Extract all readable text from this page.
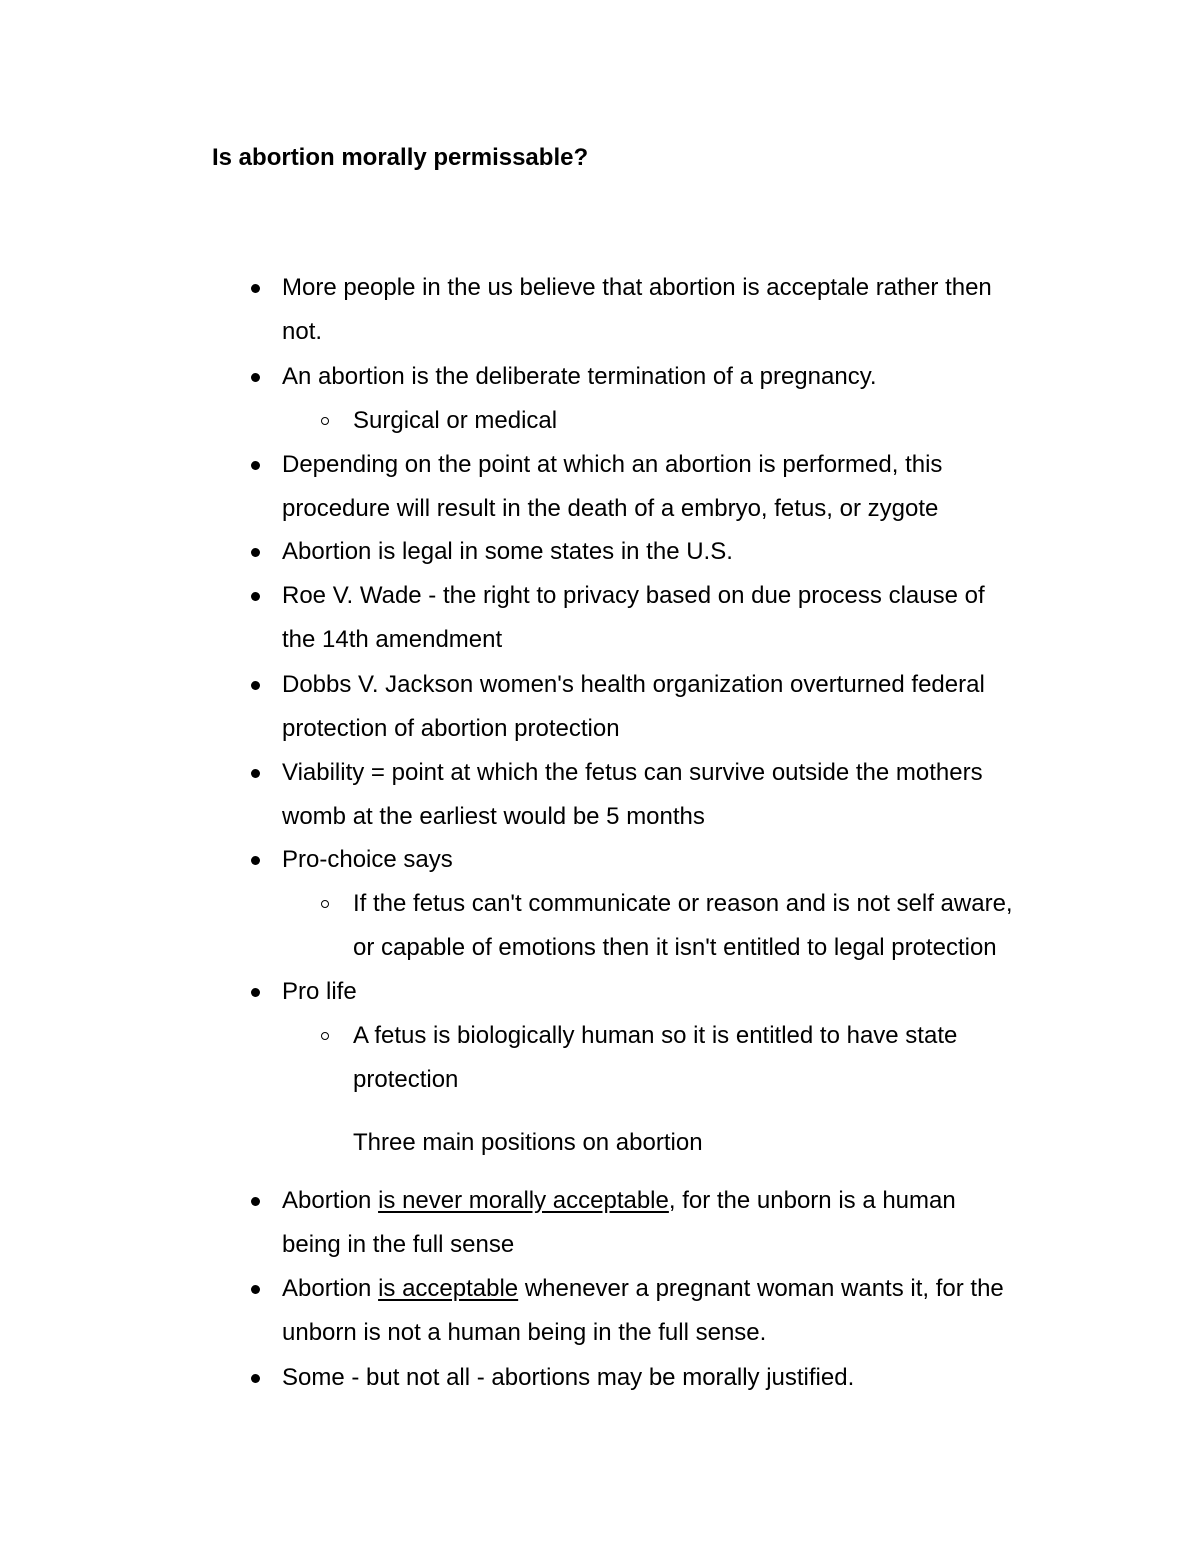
Is abortion morally permissable?
More people in the us believe that abortion is acceptale rather then
not.
An abortion is the deliberate termination of a pregnancy.
Surgical or medical
Depending on the point at which an abortion is performed, this
procedure will result in the death of a embryo, fetus, or zygote
Abortion is legal in some states in the U.S.
Roe V. Wade - the right to privacy based on due process clause of
the 14th amendment
Dobbs V. Jackson women's health organization overturned federal
protection of abortion protection
Viability = point at which the fetus can survive outside the mothers
womb at the earliest would be 5 months
Pro-choice says
If the fetus can't communicate or reason and is not self aware,
or capable of emotions then it isn't entitled to legal protection
Pro life
A fetus is biologically human so it is entitled to have state
protection
Three main positions on abortion
Abortion is never morally acceptable, for the unborn is a human
being in the full sense
Abortion is acceptable whenever a pregnant woman wants it, for the
unborn is not a human being in the full sense.
Some - but not all - abortions may be morally justified.
